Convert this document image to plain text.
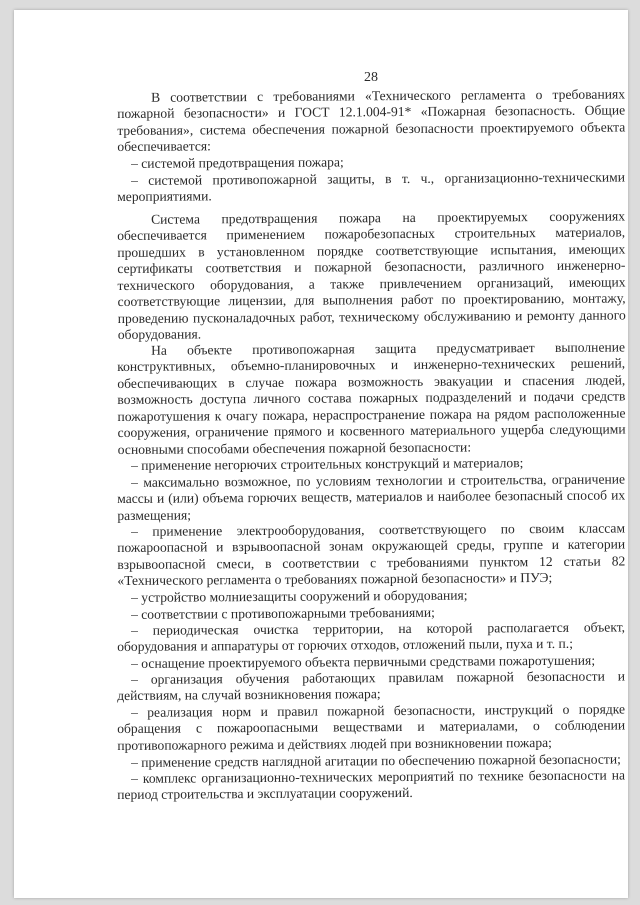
28

В соответствии с требованиями «Технического регламента о требованиях пожарной безопасности» и ГОСТ 12.1.004-91* «Пожарная безопасность. Общие требования», система обеспечения пожарной безопасности проектируемого объекта обеспечивается:

– системой предотвращения пожара;

– системой противопожарной защиты, в т. ч., организационно-техническими мероприятиями.

Система предотвращения пожара на проектируемых сооружениях обеспечивается применением пожаробезопасных строительных материалов, прошедших в установленном порядке соответствующие испытания, имеющих сертификаты соответствия и пожарной безопасности, различного инженерно-технического оборудования, а также привлечением организаций, имеющих соответствующие лицензии, для выполнения работ по проектированию, монтажу, проведению пусконаладочных работ, техническому обслуживанию и ремонту данного оборудования.

На объекте противопожарная защита предусматривает выполнение конструктивных, объемно-планировочных и инженерно-технических решений, обеспечивающих в случае пожара возможность эвакуации и спасения людей, возможность доступа личного состава пожарных подразделений и подачи средств пожаротушения к очагу пожара, нераспространение пожара на рядом расположенные сооружения, ограничение прямого и косвенного материального ущерба следующими основными способами обеспечения пожарной безопасности:

– применение негорючих строительных конструкций и материалов;

– максимально возможное, по условиям технологии и строительства, ограничение массы и (или) объема горючих веществ, материалов и наиболее безопасный способ их размещения;

– применение электрооборудования, соответствующего по своим классам пожароопасной и взрывоопасной зонам окружающей среды, группе и категории взрывоопасной смеси, в соответствии с требованиями пунктом 12 статьи 82 «Технического регламента о требованиях пожарной безопасности» и ПУЭ;

– устройство молниезащиты сооружений и оборудования;

– соответствии с противопожарными требованиями;

– периодическая очистка территории, на которой располагается объект, оборудования и аппаратуры от горючих отходов, отложений пыли, пуха и т. п.;

– оснащение проектируемого объекта первичными средствами пожаротушения;

– организация обучения работающих правилам пожарной безопасности и действиям, на случай возникновения пожара;

– реализация норм и правил пожарной безопасности, инструкций о порядке обращения с пожароопасными веществами и материалами, о соблюдении противопожарного режима и действиях людей при возникновении пожара;

– применение средств наглядной агитации по обеспечению пожарной безопасности;

– комплекс организационно-технических мероприятий по технике безопасности на период строительства и эксплуатации сооружений.
